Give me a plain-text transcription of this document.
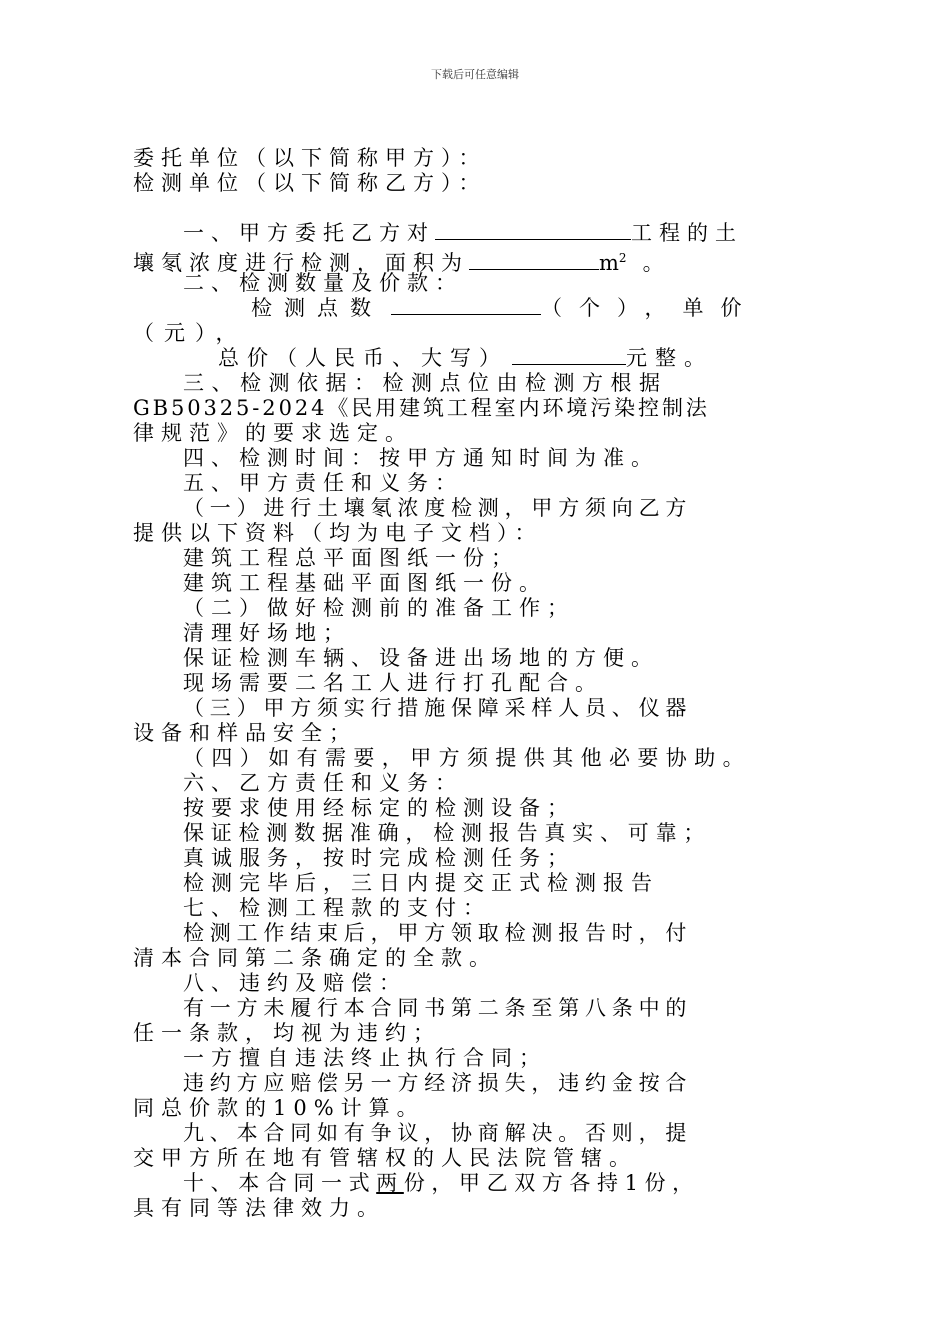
下载后可任意编辑
委托单位（以下简称甲方）：
检测单位（以下简称乙方）：
一、甲方委托乙方对	工程的土
壤氡浓度进行检测，面积为	$m^2$ 。
二、检测数量及价款：
检测点数	（个），单价
（元），
总价（人民币、大写）	元整。
三、检测依据：检测点位由检测方根据
GB50325-2024《民用建筑工程室内环境污染控制法
律规范》的要求选定。
四、检测时间：按甲方通知时间为准。
五、甲方责任和义务：
（一）进行土壤氡浓度检测，甲方须向乙方
提供以下资料（均为电子文档）：
建筑工程总平面图纸一份；
建筑工程基础平面图纸一份。
（二）做好检测前的准备工作；
清理好场地；
保证检测车辆、设备进出场地的方便。
现场需要二名工人进行打孔配合。
（三）甲方须实行措施保障采样人员、仪器
设备和样品安全；
（四）如有需要，甲方须提供其他必要协助。
六、乙方责任和义务：
按要求使用经标定的检测设备；
保证检测数据准确，检测报告真实、可靠；
真诚服务，按时完成检测任务；
检测完毕后，三日内提交正式检测报告
七、检测工程款的支付：
检测工作结束后，甲方领取检测报告时，付
清本合同第二条确定的全款。
八、违约及赔偿：
有一方未履行本合同书第二条至第八条中的
任一条款，均视为违约；
一方擅自违法终止执行合同；
违约方应赔偿另一方经济损失，违约金按合
同总价款的10%计算。
九、本合同如有争议，协商解决。否则，提
交甲方所在地有管辖权的人民法院管辖。
十、本合同一式两份，甲乙双方各持1份，
具有同等法律效力。
